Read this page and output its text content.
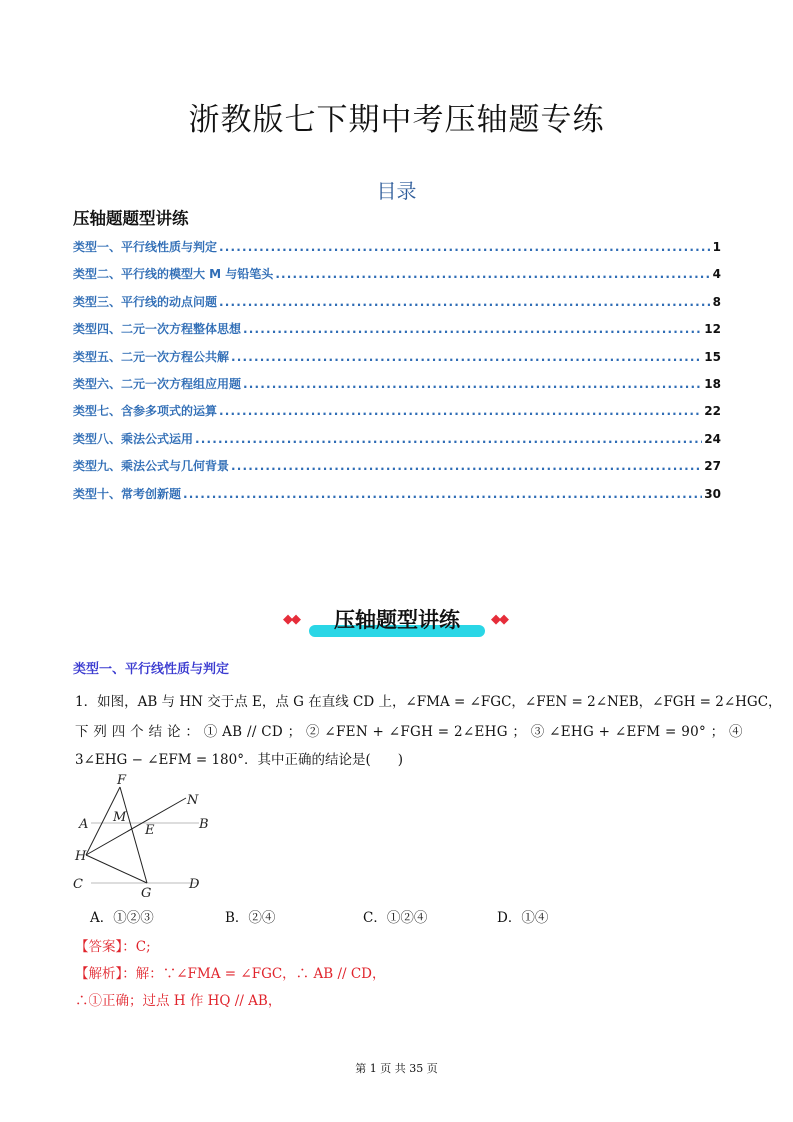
浙教版七下期中考压轴题专练
目录
压轴题题型讲练
类型一、平行线性质与判定 . . .	1
类型二、平行线的模型大 M 与铅笔头 . . .	4
类型三、平行线的动点问题 . . .	8
类型四、二元一次方程整体思想 . . .	12
类型五、二元一次方程公共解 . . .	15
类型六、二元一次方程组应用题 . . .	18
类型七、含参多项式的运算 . . .	22
类型八、乘法公式运用 . . .	24
类型九、乘法公式与几何背景 . . .	27
类型十、常考创新题 . . .	30
◆◆	压轴题型讲练	◆◆
类型一、平行线性质与判定
1．如图，AB 与 HN 交于点 E，点 G 在直线 CD 上，∠FMA = ∠FGC，∠FEN = 2∠NEB，∠FGH = 2∠HGC，
下 列 四 个 结 论 ： ① AB // CD ； ② ∠FEN + ∠FGH = 2∠EHG ； ③ ∠EHG + ∠EFM = 90° ； ④
3∠EHG − ∠EFM = 180°．其中正确的结论是(　　)
F
N
M
A	E	B
H
C
G
D
A．①②③	B．②④	C．①②④	D．①④
【答案】：C;
【解析】：解：∵∠FMA = ∠FGC，∴ AB // CD，
∴①正确；过点 H 作 HQ // AB，
第 1 页 共 35 页
